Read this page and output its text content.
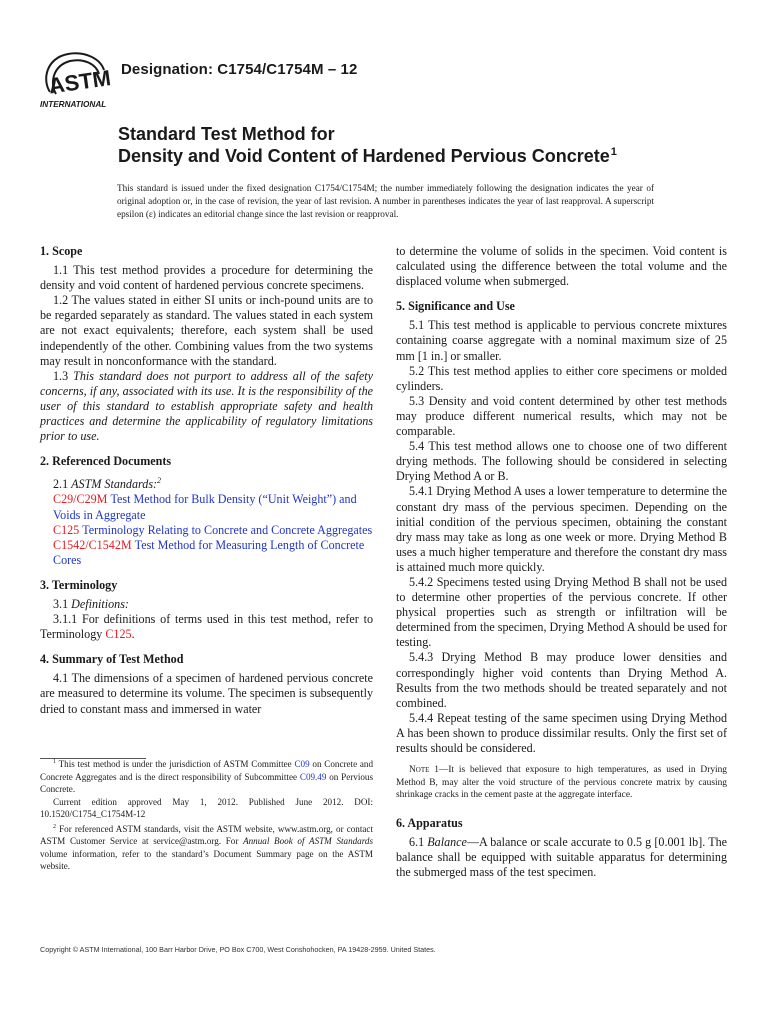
ASTM
INTERNATIONAL
Designation: C1754/C1754M – 12
Standard Test Method for
Density and Void Content of Hardened Pervious Concrete$^1$
This standard is issued under the fixed designation C1754/C1754M; the number immediately following the designation indicates the year of original adoption or, in the case of revision, the year of last revision. A number in parentheses indicates the year of last reapproval. A superscript epsilon (ε) indicates an editorial change since the last revision or reapproval.
1. Scope

1.1 This test method provides a procedure for determining the density and void content of hardened pervious concrete specimens.

1.2 The values stated in either SI units or inch-pound units are to be regarded separately as standard. The values stated in each system are not exact equivalents; therefore, each system shall be used independently of the other. Combining values from the two systems may result in nonconformance with the standard.

1.3 This standard does not purport to address all of the safety concerns, if any, associated with its use. It is the responsibility of the user of this standard to establish appropriate safety and health practices and determine the applicability of regulatory limitations prior to use.

2. Referenced Documents

2.1 ASTM Standards:$^2$

C29/C29M Test Method for Bulk Density (“Unit Weight”) and Voids in Aggregate
C125 Terminology Relating to Concrete and Concrete Aggregates
C1542/C1542M Test Method for Measuring Length of Concrete Cores
3. Terminology

3.1 Definitions:

3.1.1 For definitions of terms used in this test method, refer to Terminology C125.

4. Summary of Test Method

4.1 The dimensions of a specimen of hardened pervious concrete are measured to determine its volume. The specimen is subsequently dried to constant mass and immersed in water

$^1$ This test method is under the jurisdiction of ASTM Committee C09 on Concrete and Concrete Aggregates and is the direct responsibility of Subcommittee C09.49 on Pervious Concrete.

Current edition approved May 1, 2012. Published June 2012. DOI: 10.1520/C1754_C1754M-12

$^2$ For referenced ASTM standards, visit the ASTM website, www.astm.org, or contact ASTM Customer Service at service@astm.org. For Annual Book of ASTM Standards volume information, refer to the standard’s Document Summary page on the ASTM website.

to determine the volume of solids in the specimen. Void content is calculated using the difference between the total volume and the displaced volume when submerged.

5. Significance and Use

5.1 This test method is applicable to pervious concrete mixtures containing coarse aggregate with a nominal maximum size of 25 mm [1 in.] or smaller.

5.2 This test method applies to either core specimens or molded cylinders.

5.3 Density and void content determined by other test methods may produce different numerical results, which may not be comparable.

5.4 This test method allows one to choose one of two different drying methods. The following should be considered in selecting Drying Method A or B.

5.4.1 Drying Method A uses a lower temperature to determine the constant dry mass of the pervious specimen. Depending on the initial condition of the pervious specimen, obtaining the constant dry mass may take as long as one week or more. Drying Method B uses a much higher temperature and therefore the constant dry mass is attained much more quickly.

5.4.2 Specimens tested using Drying Method B shall not be used to determine other properties of the pervious concrete. If other physical properties such as strength or infiltration will be determined from the specimen, Drying Method A should be used for testing.

5.4.3 Drying Method B may produce lower densities and correspondingly higher void contents than Drying Method A. Results from the two methods should be treated separately and not combined.

5.4.4 Repeat testing of the same specimen using Drying Method A has been shown to produce dissimilar results. Only the first set of results should be considered.

Note 1—It is believed that exposure to high temperatures, as used in Drying Method B, may alter the void structure of the pervious concrete matrix by causing shrinkage cracks in the cement paste at the aggregate interface.

6. Apparatus

6.1 Balance—A balance or scale accurate to 0.5 g [0.001 lb]. The balance shall be equipped with suitable apparatus for determining the submerged mass of the test specimen.

Copyright © ASTM International, 100 Barr Harbor Drive, PO Box C700, West Conshohocken, PA 19428-2959. United States.
